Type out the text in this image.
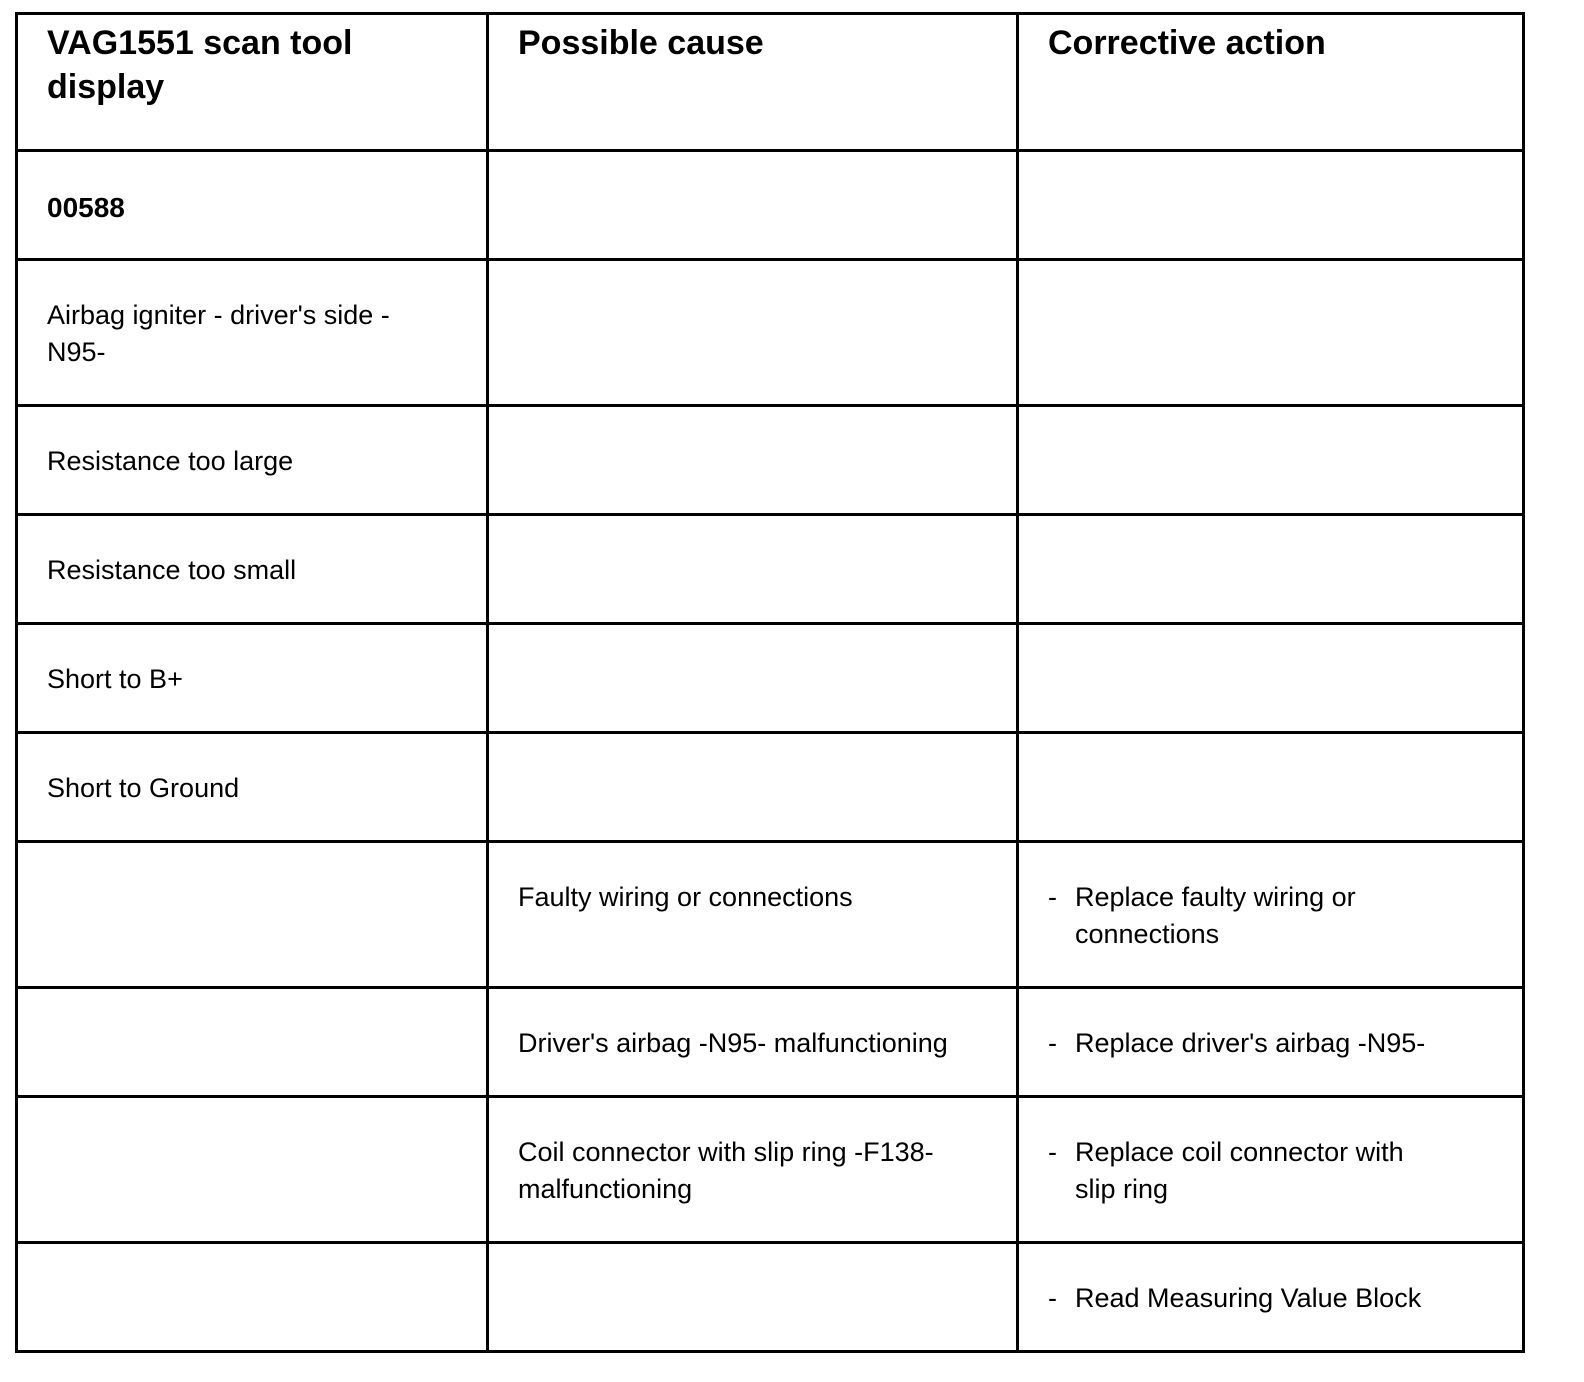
VAG1551 scan tool display	Possible cause	Corrective action

00588		

Airbag igniter - driver's side -N95-		

Resistance too large		

Resistance too small		

Short to B+		

Short to Ground		

	Faulty wiring or connections	- Replace faulty wiring or connections

	Driver's airbag -N95- malfunctioning	- Replace driver's airbag -N95-

	Coil connector with slip ring -F138- malfunctioning	- Replace coil connector with slip ring

		- Read Measuring Value Block
